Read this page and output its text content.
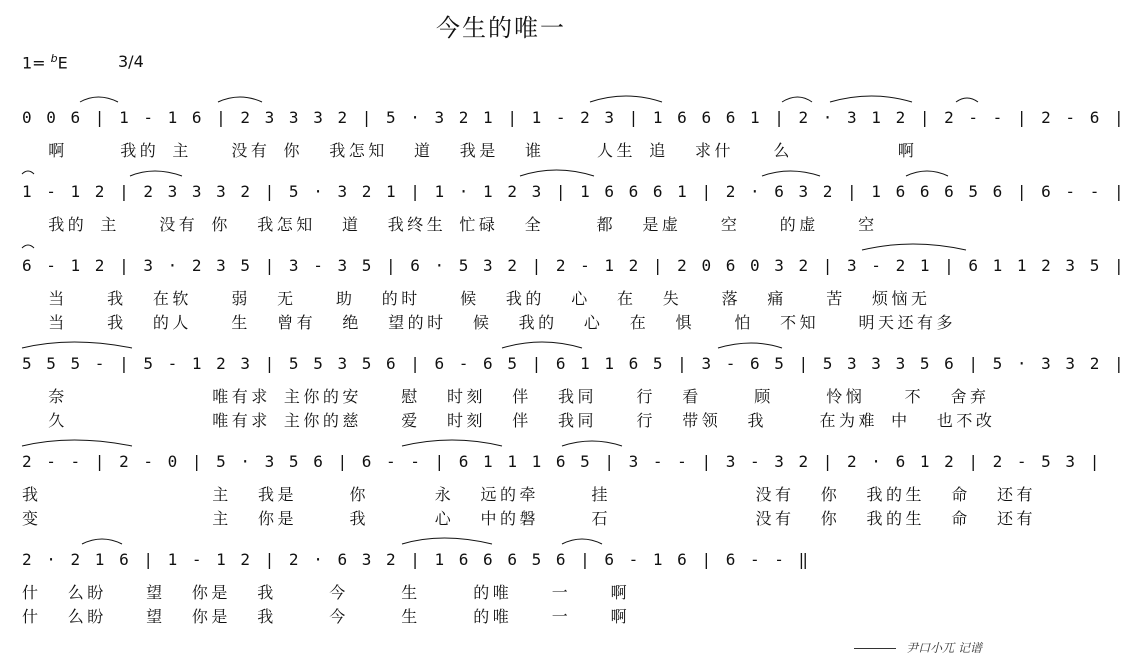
今生的唯一
1= $^b$E	3/4
0 0 6 | 1 - 1 6 | 2 3 3 3 2 | 5 · 3 2 1 | 1 - 2 3 | 1 6 6 6 1 | 2 · 3 1 2 | 2 - - | 2 - 6 |
啊    我的 主   没有 你  我怎知  道  我是  谁    人生 追  求什   么        啊
1 - 1 2 | 2 3 3 3 2 | 5 · 3 2 1 | 1 · 1 2 3 | 1 6 6 6 1 | 2 · 6 3 2 | 1 6 6 6 5 6 | 6 - - |
我的 主   没有 你  我怎知  道  我终生 忙碌  全    都  是虚   空   的虚   空
6 - 1 2 | 3 · 2 3 5 | 3 - 3 5 | 6 · 5 3 2 | 2 - 1 2 | 2 0 6 0 3 2 | 3 - 2 1 | 6 1 1 2 3 5 |
当   我  在软   弱  无   助  的时   候  我的  心  在  失   落  痛   苦  烦恼无
当   我  的人   生  曾有  绝  望的时  候  我的  心  在  惧   怕  不知   明天还有多
5 5 5 - | 5 - 1 2 3 | 5 5 3 5 6 | 6 - 6 5 | 6 1 1 6 5 | 3 - 6 5 | 5 3 3 3 5 6 | 5 · 3 3 2 |
奈           唯有求 主你的安   慰  时刻  伴  我同   行  看    顾    怜悯   不  舍弃
久           唯有求 主你的慈   爱  时刻  伴  我同   行  带领  我    在为难 中  也不改
2 - - | 2 - 0 | 5 · 3 5 6 | 6 - - | 6 1 1 1 6 5 | 3 - - | 3 - 3 2 | 2 · 6 1 2 | 2 - 5 3 |
我             主  我是    你     永  远的牵    挂           没有  你  我的生  命  还有
变             主  你是    我     心  中的磐    石           没有  你  我的生  命  还有
2 · 2 1 6 | 1 - 1 2 | 2 · 6 3 2 | 1 6 6 6 5 6 | 6 - 1 6 | 6 - - ‖
什  么盼   望  你是  我    今    生    的唯   一   啊
什  么盼   望  你是  我    今    生    的唯   一   啊
尹口小兀 记谱
